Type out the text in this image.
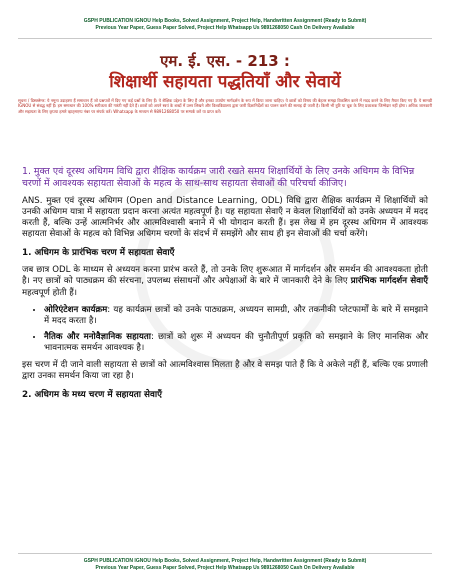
GSPH PUBLICATION IGNOU Help Books, Solved Assignment, Project Help, Handwritten Assignment (Ready to Submit)
Previous Year Paper, Guess Paper Solved, Project Help Whatsapp Us 9891268050 Cash On Delivery Available
एम. ई. एस. - 213 :
शिक्षार्थी सहायता पद्धतियाँ और सेवायें
सूचना / डिस्क्लेमर: ये नमूना उदाहरण हैं समाधान हैं जो प्रश्नपत्रों में दिए गए कई प्रश्नों के लिए हैं। ये शैक्षिक उद्देश्य के लिए हैं और इनका उपयोग मार्गदर्शन के रूप में किया जाना चाहिए। ये छात्रों को विषय की बेहतर समझ विकसित करने में मदद करने के लिए तैयार किए गए हैं। ये सामग्री IGNOU से संबद्ध नहीं है। हम समाधान की 100% सटीकता की गारंटी नहीं देते हैं। छात्रों को अपने स्वयं के शब्दों में उत्तर लिखने और विश्वविद्यालय द्वारा जारी दिशानिर्देशों का पालन करने की सलाह दी जाती है। किसी भी त्रुटि या चूक के लिए प्रकाशक जिम्मेदार नहीं होगा। अधिक जानकारी और सहायता के लिए कृपया हमारे व्हाट्सएप्प नंबर पर संपर्क करें। Whatsapp के माध्यम से 9891268050 पर सम्पर्क करें या प्राप्त करें।

1. मुक्त एवं दूरस्थ अधिगम विधि द्वारा शैक्षिक कार्यक्रम जारी रखते समय शिक्षार्थियों के लिए उनके अधिगम के विभिन्न चरणों में आवश्यक सहायता सेवाओं के महत्व के साथ-साथ सहायता सेवाओं की परिचर्चा कीजिए।

ANS. मुक्त एवं दूरस्थ अधिगम (Open and Distance Learning, ODL) विधि द्वारा शैक्षिक कार्यक्रम में शिक्षार्थियों को उनकी अधिगम यात्रा में सहायता प्रदान करना अत्यंत महत्वपूर्ण है। यह सहायता सेवाएँ न केवल शिक्षार्थियों को उनके अध्ययन में मदद करती हैं, बल्कि उन्हें आत्मनिर्भर और आत्मविश्वासी बनाने में भी योगदान करती हैं। इस लेख में हम दूरस्थ अधिगम में आवश्यक सहायता सेवाओं के महत्व को विभिन्न अधिगम चरणों के संदर्भ में समझेंगे और साथ ही इन सेवाओं की चर्चा करेंगे।

1. अधिगम के प्रारंभिक चरण में सहायता सेवाएँ

जब छात्र ODL के माध्यम से अध्ययन करना प्रारंभ करते हैं, तो उनके लिए शुरूआत में मार्गदर्शन और समर्थन की आवश्यकता होती है। नए छात्रों को पाठ्यक्रम की संरचना, उपलब्ध संसाधनों और अपेक्षाओं के बारे में जानकारी देने के लिए प्रारंभिक मार्गदर्शन सेवाएँ महत्वपूर्ण होती हैं।

• ओरिएंटेशन कार्यक्रम: यह कार्यक्रम छात्रों को उनके पाठ्यक्रम, अध्ययन सामग्री, और तकनीकी प्लेटफार्मों के बारे में समझाने में मदद करता है।
• नैतिक और मनोवैज्ञानिक सहायता: छात्रों को शुरू में अध्ययन की चुनौतीपूर्ण प्रकृति को समझाने के लिए मानसिक और भावनात्मक समर्थन आवश्यक है।

इस चरण में दी जाने वाली सहायता से छात्रों को आत्मविश्वास मिलता है और वे समझ पाते हैं कि वे अकेले नहीं हैं, बल्कि एक प्रणाली द्वारा उनका समर्थन किया जा रहा है।

2. अधिगम के मध्य चरण में सहायता सेवाएँ
GSPH PUBLICATION IGNOU Help Books, Solved Assignment, Project Help, Handwritten Assignment (Ready to Submit)
Previous Year Paper, Guess Paper Solved, Project Help Whatsapp Us 9891268050 Cash On Delivery Available
